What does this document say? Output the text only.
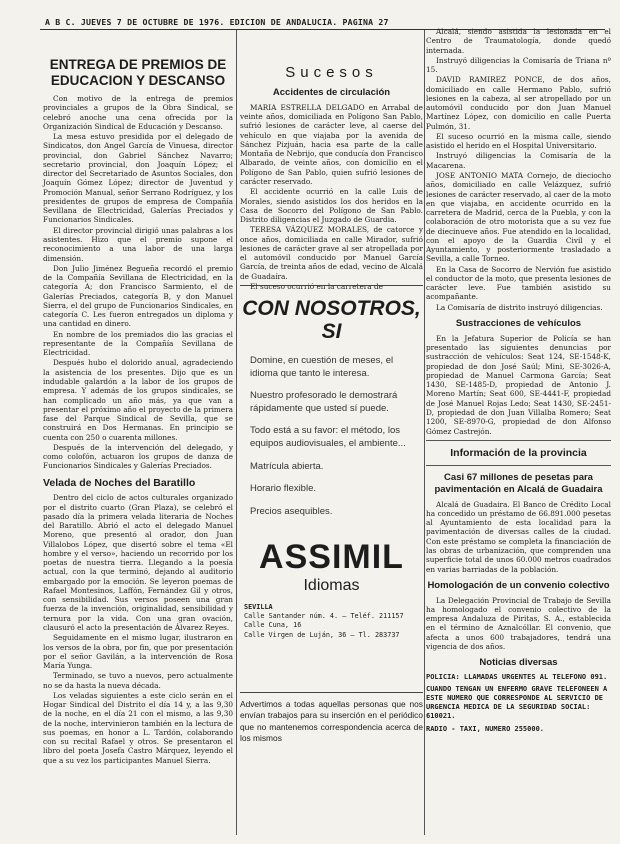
A B C. JUEVES 7 DE OCTUBRE DE 1976. EDICION DE ANDALUCIA. PAGINA 27
ENTREGA DE PREMIOS DE EDUCACION Y DESCANSO

Con motivo de la entrega de premios provinciales a grupos de la Obra Sindical, se celebró anoche una cena ofrecida por la Organización Sindical de Educación y Descanso.

La mesa estuvo presidida por el delegado de Sindicatos, don Angel García de Vinuesa, director provincial, don Gabriel Sánchez Navarro; secretario provincial, don Joaquín López; el director del Secretariado de Asuntos Sociales, don Joaquín Gómez López; director de Juventud y Promoción Manual, señor Serrano Rodríguez, y los presidentes de grupos de empresa de Compañía Sevillana de Electricidad, Galerías Preciados y Funcionarios Sindicales.

El director provincial dirigió unas palabras a los asistentes. Hizo que el premio supone el reconocimiento a una labor de una larga dimensión.

Don Julio Jiménez Begueña recordó el premio de la Compañía Sevillana de Electricidad, en la categoría A; don Francisco Sarmiento, el de Galerías Preciados, categoría B, y don Manuel Sierra, el del grupo de Funcionarios Sindicales, en categoría C. Les fueron entregados un diploma y una cantidad en dinero.

En nombre de los premiados dio las gracias el representante de la Compañía Sevillana de Electricidad.

Después hubo el dolorido anual, agradeciendo la asistencia de los presentes. Dijo que es un indudable galardón a la labor de los grupos de empresa. Y además de los grupos sindicales, se han complicado un año más, ya que van a presentar el próximo año el proyecto de la primera fase del Parque Sindical de Sevilla, que se construirá en Dos Hermanas. En principio se cuenta con 250 o cuarenta millones.

Después de la intervención del delegado, y como colofón, actuaron los grupos de danza de Funcionarios Sindicales y Galerías Preciados.

Velada de Noches del Baratillo

Dentro del ciclo de actos culturales organizado por el distrito cuarto (Gran Plaza), se celebró el pasado día la primera velada literaria de Noches del Baratillo. Abrió el acto el delegado Manuel Moreno, que presentó al orador, don Juan Villalobos López, que disertó sobre el tema «El hombre y el verso», haciendo un recorrido por los poetas de nuestra tierra. Llegando a la poesía actual, con la que terminó, dejando al auditorio embargado por la emoción. Se leyeron poemas de Rafael Montesinos, Laffón, Fernández Gil y otros, con sensibilidad. Sus versos poseen una gran fuerza de la invención, originalidad, sensibilidad y ternura por la vida. Con una gran ovación, clausuró el acto la presentación de Álvarez Reyes.

Seguidamente en el mismo lugar, ilustraron en los versos de la obra, por fin, que por presentación por el señor Gavilán, a la intervención de Rosa María Yunga.

Terminado, se tuvo a nuevos, pero actualmente no se da hasta la nueva década.

Los veladas siguientes a este ciclo serán en el Hogar Sindical del Distrito el día 14 y, a las 9,30 de la noche, en el día 21 con el mismo, a las 9,30 de la noche, intervinieron también en la lectura de sus poemas, en honor a L. Tardón, colaborando con su recital Rafael y otros. Se presentaron el libro del poeta Josefa Castro Márquez, leyendo el que a su vez los participantes Manuel Sierra.

Sucesos
Accidentes de circulación

MARIA ESTRELLA DELGADO en Arrabal de veinte años, domiciliada en Polígono San Pablo, sufrió lesiones de carácter leve, al caerse del vehículo en que viajaba por la avenida de Sánchez Pizjuán, hacia esa parte de la calle Montaña de Nebrijo, que conducía don Francisco Albarado, de veinte años, con domicilio en el Polígono de San Pablo, quien sufrió lesiones de carácter reservado.

El accidente ocurrió en la calle Luis de Morales, siendo asistidos los dos heridos en la Casa de Socorro del Polígono de San Pablo. Distrito diligencias el Juzgado de Guardia.

TERESA VÁZQUEZ MORALES, de catorce y once años, domiciliada en calle Mirador, sufrió lesiones de carácter grave al ser atropellada por el automóvil conducido por Manuel García García, de treinta años de edad, vecino de Alcalá de Guadaíra.

El suceso ocurrió en la carretera de

CON NOSOTROS, SI
Domine, en cuestión de meses, el idioma que tanto le interesa.
Nuestro profesorado le demostrará rápidamente que usted sí puede.
Todo está a su favor: el método, los equipos audiovisuales, el ambiente...
Matrícula abierta.
Horario flexible.
Precios asequibles.
ASSIMIL
Idiomas
SEVILLA
Calle Santander núm. 4. — Teléf. 211157
Calle Cuna, 16
Calle Virgen de Luján, 36 — Tl. 283737
Advertimos a todas aquellas personas que nos envían trabajos para su inserción en el periódico que no mantenemos correspondencia acerca de los mismos

Alcalá, siendo asistida la lesionada en el Centro de Traumatología, donde quedó internada.

Instruyó diligencias la Comisaría de Triana nº 15.

DAVID RAMIREZ PONCE, de dos años, domiciliado en calle Hermano Pablo, sufrió lesiones en la cabeza, al ser atropellado por un automóvil conducido por don Juan Manuel Martínez López, con domicilio en calle Puerta Pulmón, 31.

El suceso ocurrió en la misma calle, siendo asistido el herido en el Hospital Universitario.

Instruyó diligencias la Comisaría de la Macarena.

JOSE ANTONIO MATA Cornejo, de dieciocho años, domiciliado en calle Velázquez, sufrió lesiones de carácter reservado, al caer de la moto en que viajaba, en accidente ocurrido en la carretera de Madrid, cerca de la Puebla, y con la colaboración de otro motorista que a su vez fue de diecinueve años. Fue atendido en la localidad, con el apoyo de la Guardia Civil y el Ayuntamiento, y posteriormente trasladado a Sevilla, a calle Torneo.

En la Casa de Socorro de Nervión fue asistido el conductor de la moto, que presenta lesiones de carácter leve. Fue también asistido su acompañante.

La Comisaría de distrito instruyó diligencias.

Sustracciones de vehículos

En la Jefatura Superior de Policía se han presentado las siguientes denuncias por sustracción de vehículos: Seat 124, SE-1548-K, propiedad de don José Saúl; Mini, SE-3026-A, propiedad de Manuel Carmona García; Seat 1430, SE-1485-D, propiedad de Antonio J. Moreno Martín; Seat 600, SE-4441-F, propiedad de José Manuel Rojas Ledo; Seat 1430, SE-2451-D, propiedad de don Juan Villalba Romero; Seat 1200, SE-8970-G, propiedad de don Alfonso Gómez Castrejón.

Información de la provincia
Casi 67 millones de pesetas para pavimentación en Alcalá de Guadaira

Alcalá de Guadaira. El Banco de Crédito Local ha concedido un préstamo de 66.891.000 pesetas al Ayuntamiento de esta localidad para la pavimentación de diversas calles de la ciudad. Con este préstamo se completa la financiación de las obras de urbanización, que comprenden una superficie total de unos 60.000 metros cuadrados en varias barriadas de la población.

Homologación de un convenio colectivo

La Delegación Provincial de Trabajo de Sevilla ha homologado el convenio colectivo de la empresa Andaluza de Piritas, S. A., establecida en el término de Aznalcóllar. El convenio, que afecta a unos 600 trabajadores, tendrá una vigencia de dos años.

Noticias diversas
POLICIA: LLAMADAS URGENTES AL TELEFONO 091.
CUANDO TENGAN UN ENFERMO GRAVE TELEFONEEN A ESTE NUMERO QUE CORRESPONDE AL SERVICIO DE URGENCIA MEDICA DE LA SEGURIDAD SOCIAL: 610021.
RADIO - TAXI, NUMERO 255000.
